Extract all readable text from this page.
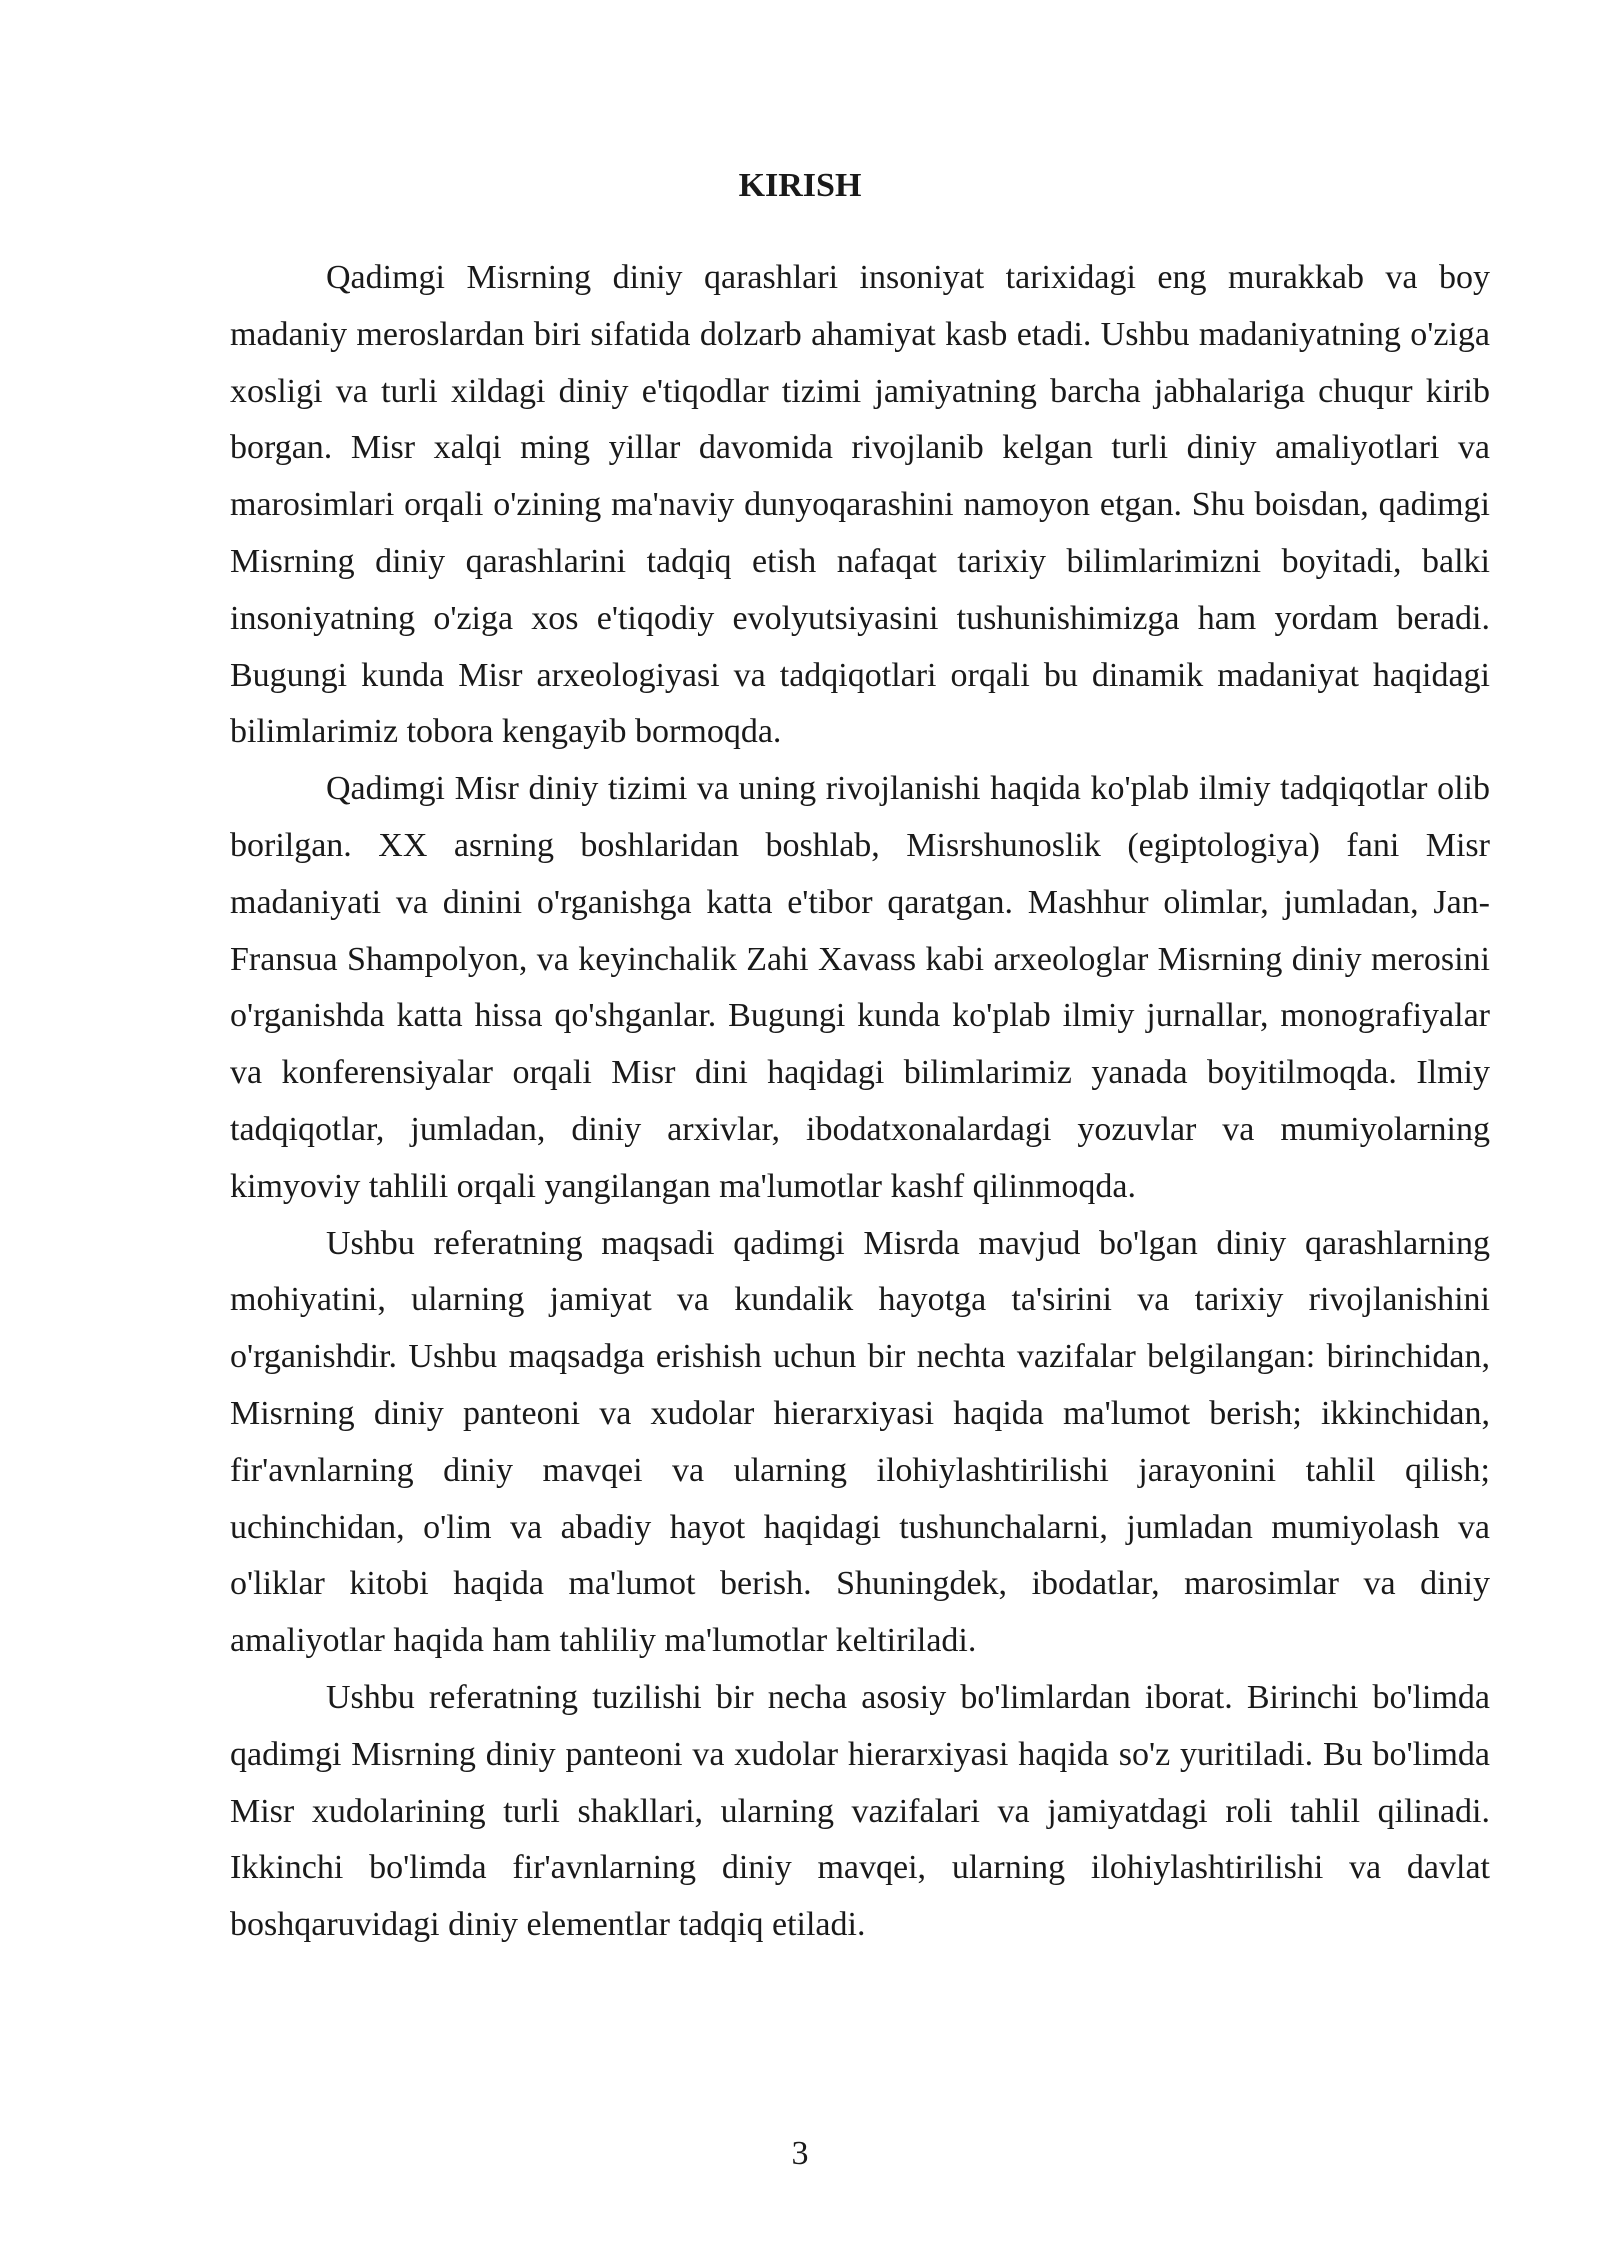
KIRISH

Qadimgi Misrning diniy qarashlari insoniyat tarixidagi eng murakkab va boy madaniy meroslardan biri sifatida dolzarb ahamiyat kasb etadi. Ushbu madaniyatning o'ziga xosligi va turli xildagi diniy e'tiqodlar tizimi jamiyatning barcha jabhalariga chuqur kirib borgan. Misr xalqi ming yillar davomida rivojlanib kelgan turli diniy amaliyotlari va marosimlari orqali o'zining ma'naviy dunyoqarashini namoyon etgan. Shu boisdan, qadimgi Misrning diniy qarashlarini tadqiq etish nafaqat tarixiy bilimlarimizni boyitadi, balki insoniyatning o'ziga xos e'tiqodiy evolyutsiyasini tushunishimizga ham yordam beradi. Bugungi kunda Misr arxeologiyasi va tadqiqotlari orqali bu dinamik madaniyat haqidagi bilimlarimiz tobora kengayib bormoqda.

Qadimgi Misr diniy tizimi va uning rivojlanishi haqida ko'plab ilmiy tadqiqotlar olib borilgan. XX asrning boshlaridan boshlab, Misrshunoslik (egiptologiya) fani Misr madaniyati va dinini o'rganishga katta e'tibor qaratgan. Mashhur olimlar, jumladan, Jan-Fransua Shampolyon, va keyinchalik Zahi Xavass kabi arxeologlar Misrning diniy merosini o'rganishda katta hissa qo'shganlar. Bugungi kunda ko'plab ilmiy jurnallar, monografiyalar va konferensiyalar orqali Misr dini haqidagi bilimlarimiz yanada boyitilmoqda. Ilmiy tadqiqotlar, jumladan, diniy arxivlar, ibodatxonalardagi yozuvlar va mumiyolarning kimyoviy tahlili orqali yangilangan ma'lumotlar kashf qilinmoqda.

Ushbu referatning maqsadi qadimgi Misrda mavjud bo'lgan diniy qarashlarning mohiyatini, ularning jamiyat va kundalik hayotga ta'sirini va tarixiy rivojlanishini o'rganishdir. Ushbu maqsadga erishish uchun bir nechta vazifalar belgilangan: birinchidan, Misrning diniy panteoni va xudolar hierarxiyasi haqida ma'lumot berish; ikkinchidan, fir'avnlarning diniy mavqei va ularning ilohiylashtirilishi jarayonini tahlil qilish; uchinchidan, o'lim va abadiy hayot haqidagi tushunchalarni, jumladan mumiyolash va o'liklar kitobi haqida ma'lumot berish. Shuningdek, ibodatlar, marosimlar va diniy amaliyotlar haqida ham tahliliy ma'lumotlar keltiriladi.

Ushbu referatning tuzilishi bir necha asosiy bo'limlardan iborat. Birinchi bo'limda qadimgi Misrning diniy panteoni va xudolar hierarxiyasi haqida so'z yuritiladi. Bu bo'limda Misr xudolarining turli shakllari, ularning vazifalari va jamiyatdagi roli tahlil qilinadi. Ikkinchi bo'limda fir'avnlarning diniy mavqei, ularning ilohiylashtirilishi va davlat boshqaruvidagi diniy elementlar tadqiq etiladi.

3
